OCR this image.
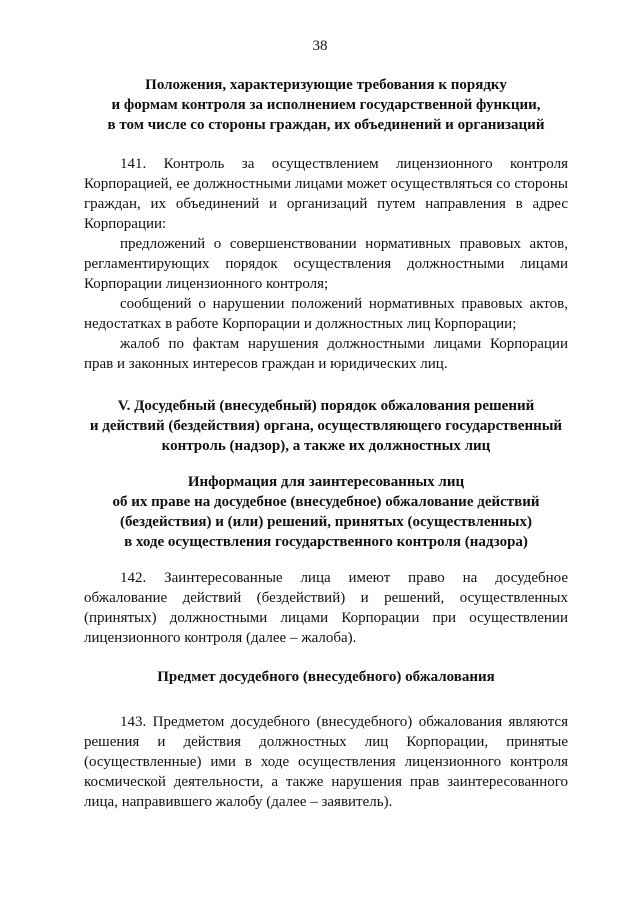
38
Положения, характеризующие требования к порядку
и формам контроля за исполнением государственной функции,
в том числе со стороны граждан, их объединений и организаций

141. Контроль за осуществлением лицензионного контроля Корпорацией, ее должностными лицами может осуществляться со стороны граждан, их объединений и организаций путем направления в адрес Корпорации:

предложений о совершенствовании нормативных правовых актов, регламентирующих порядок осуществления должностными лицами Корпорации лицензионного контроля;

сообщений о нарушении положений нормативных правовых актов, недостатках в работе Корпорации и должностных лиц Корпорации;

жалоб по фактам нарушения должностными лицами Корпорации прав и законных интересов граждан и юридических лиц.

V. Досудебный (внесудебный) порядок обжалования решений
и действий (бездействия) органа, осуществляющего государственный
контроль (надзор), а также их должностных лиц
Информация для заинтересованных лиц
об их праве на досудебное (внесудебное) обжалование действий
(бездействия) и (или) решений, принятых (осуществленных)
в ходе осуществления государственного контроля (надзора)

142. Заинтересованные лица имеют право на досудебное обжалование действий (бездействий) и решений, осуществленных (принятых) должностными лицами Корпорации при осуществлении лицензионного контроля (далее – жалоба).

Предмет досудебного (внесудебного) обжалования

143. Предметом досудебного (внесудебного) обжалования являются решения и действия должностных лиц Корпорации, принятые (осуществленные) ими в ходе осуществления лицензионного контроля космической деятельности, а также нарушения прав заинтересованного лица, направившего жалобу (далее – заявитель).
